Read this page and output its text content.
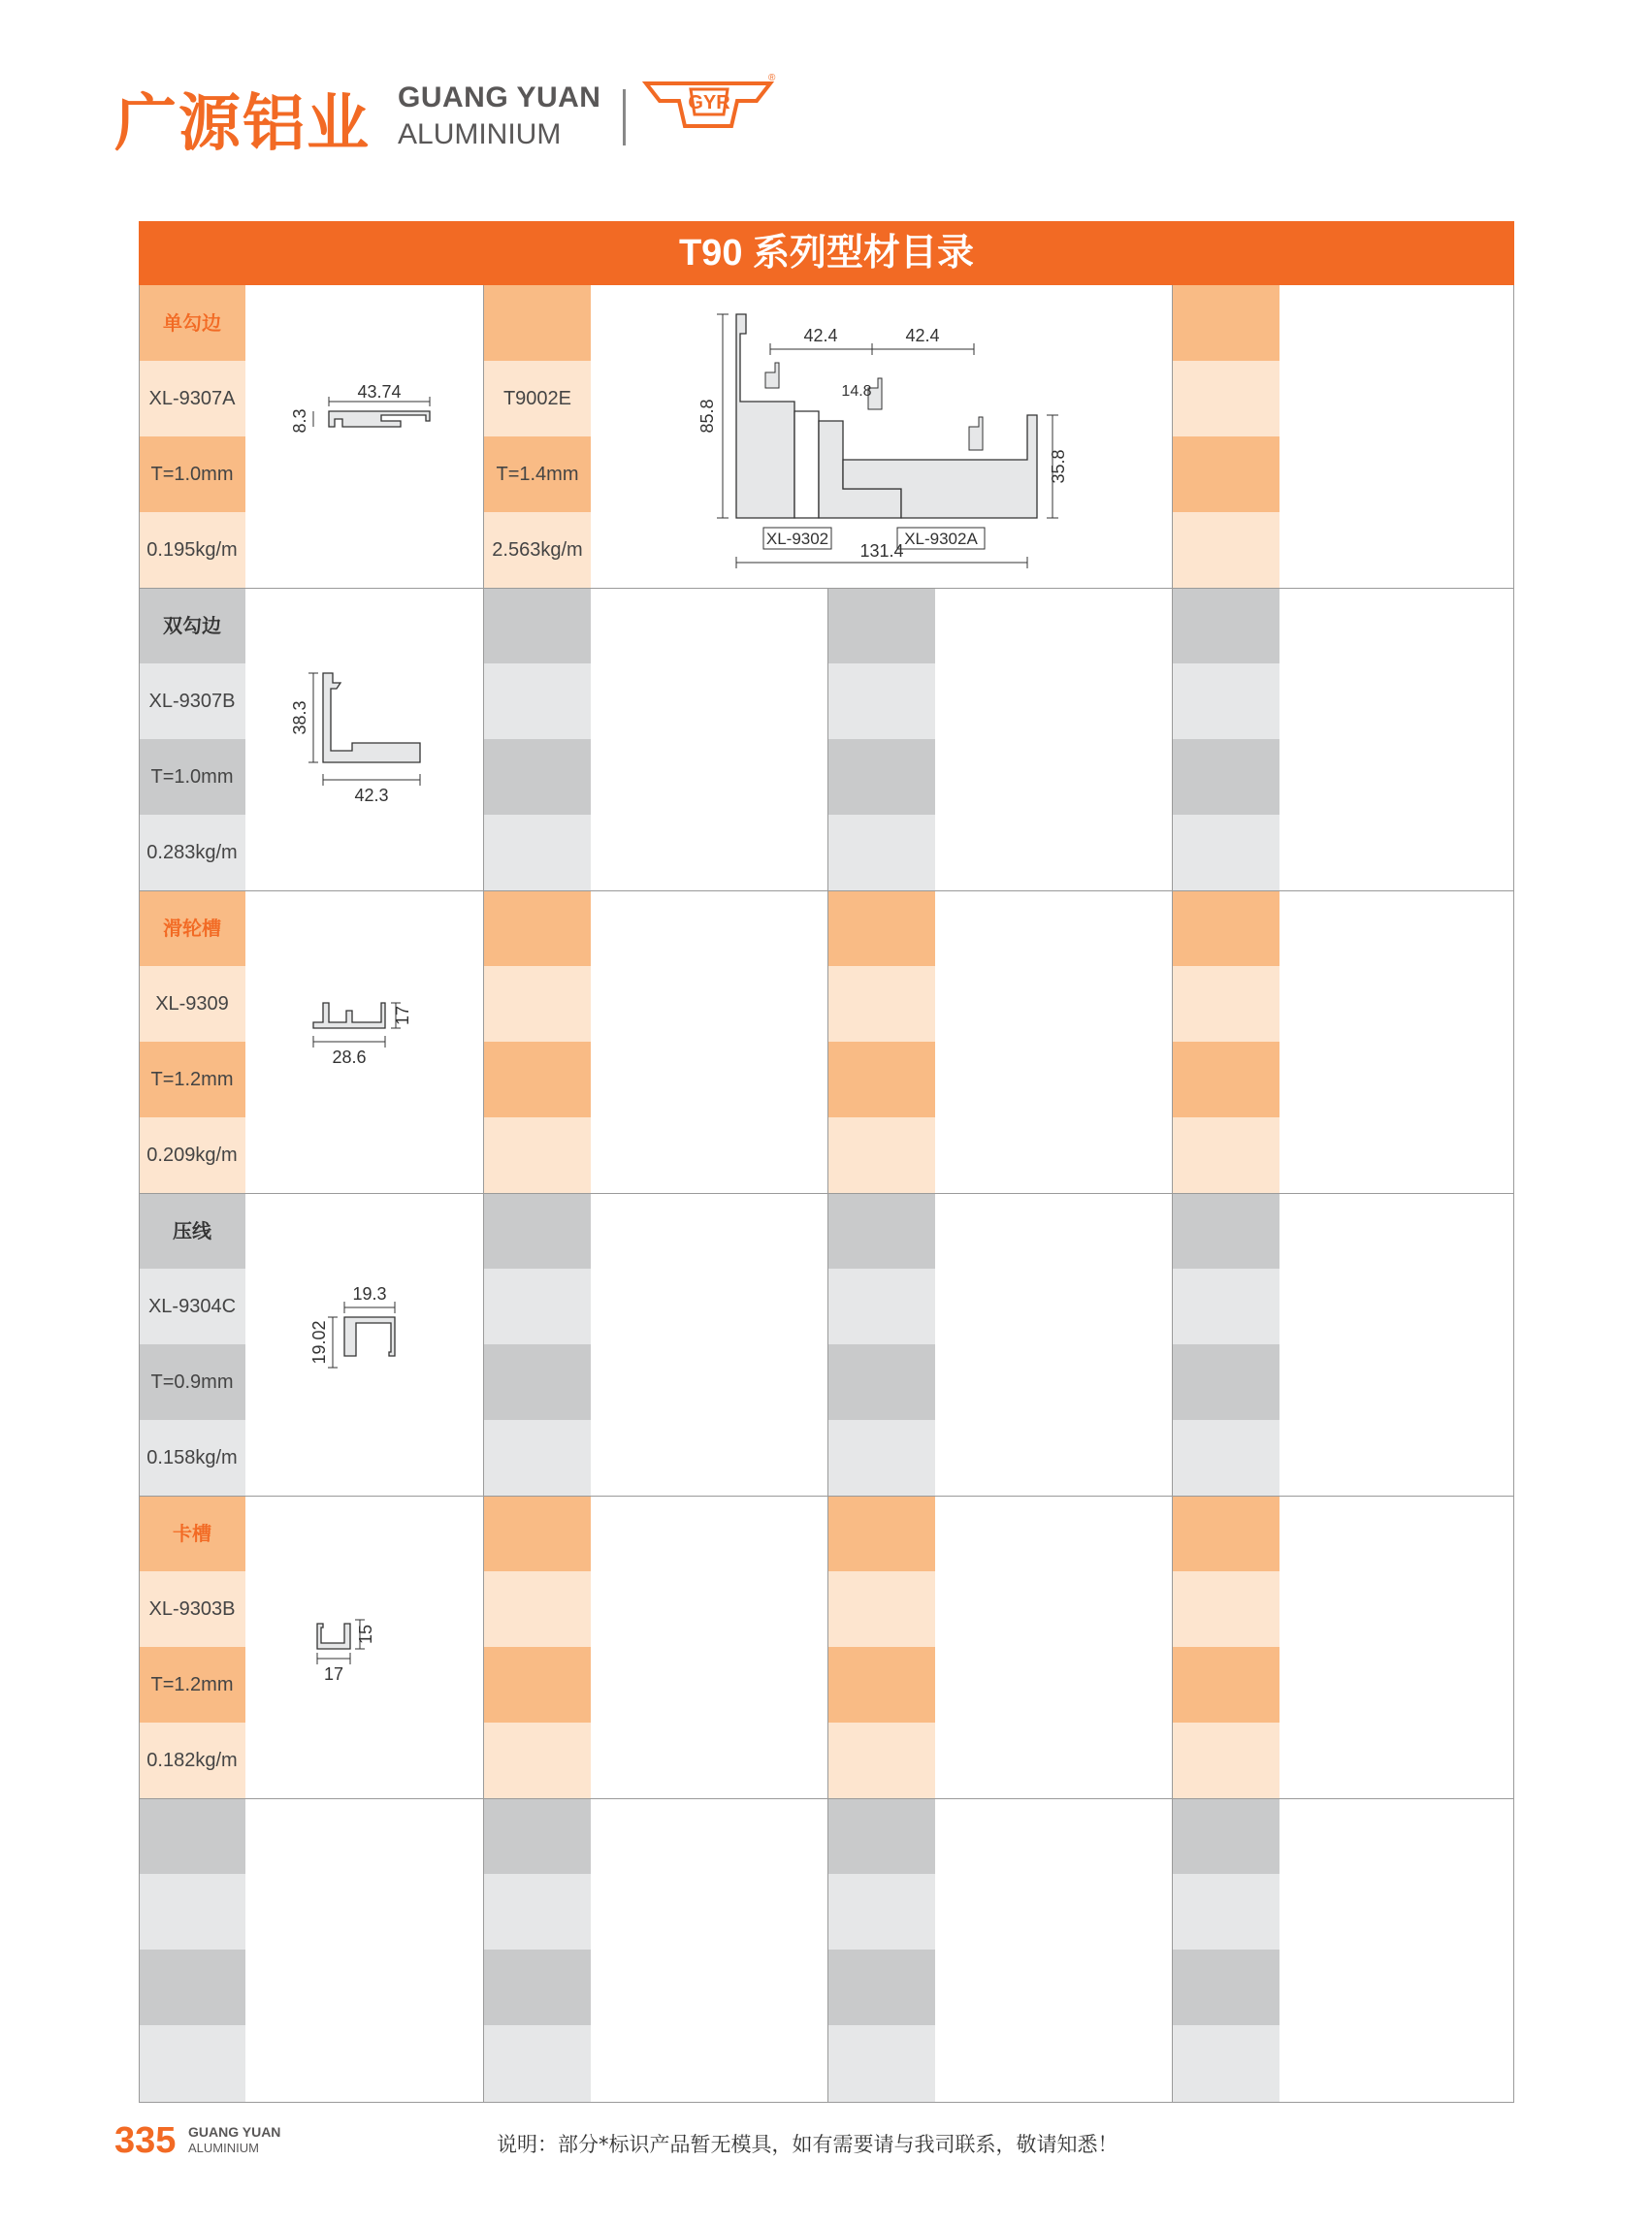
广源铝业 GUANG YUAN
ALUMINIUM
GYR
®
T90 系列型材目录
单勾边
XL-9307A
T=1.0mm
0.195kg/m
T9002E
T=1.4mm
2.563kg/m
双勾边
XL-9307B
T=1.0mm
0.283kg/m
滑轮槽
XL-9309
T=1.2mm
0.209kg/m
压线
XL-9304C
T=0.9mm
0.158kg/m
卡槽
XL-9303B
T=1.2mm
0.182kg/m
43.74
8.3
38.3
42.3
17
28.6
19.3
19.02
15
17
42.4	42.4
85.8
14.8
35.8
XL-9302	XL-9302A
131.4
335 GUANG YUAN
ALUMINIUM	说明：部分*标识产品暂无模具，如有需要请与我司联系，敬请知悉！
